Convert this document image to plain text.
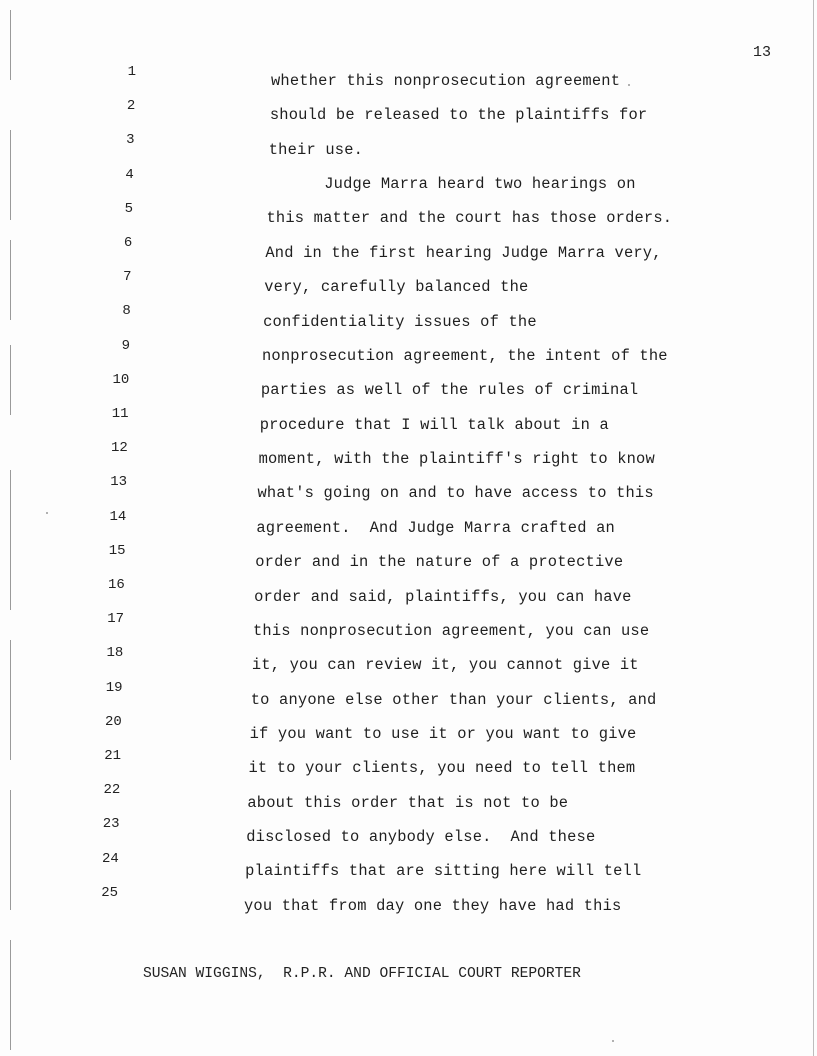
13
1	whether this nonprosecution agreement
2
should be released to the plaintiffs for
3
their use.
4
Judge Marra heard two hearings on
5
this matter and the court has those orders.
6
And in the first hearing Judge Marra very,
7
very, carefully balanced the
8
confidentiality issues of the
9
nonprosecution agreement, the intent of the
10
parties as well of the rules of criminal
11
procedure that I will talk about in a
12
moment, with the plaintiff's right to know
13
what's going on and to have access to this
14
agreement.  And Judge Marra crafted an
15
order and in the nature of a protective
16
order and said, plaintiffs, you can have
17
this nonprosecution agreement, you can use
18
it, you can review it, you cannot give it
19
to anyone else other than your clients, and
20
if you want to use it or you want to give
21
it to your clients, you need to tell them
22
about this order that is not to be
23
disclosed to anybody else.  And these
24
plaintiffs that are sitting here will tell
25
you that from day one they have had this
SUSAN WIGGINS,  R.P.R. AND OFFICIAL COURT REPORTER
